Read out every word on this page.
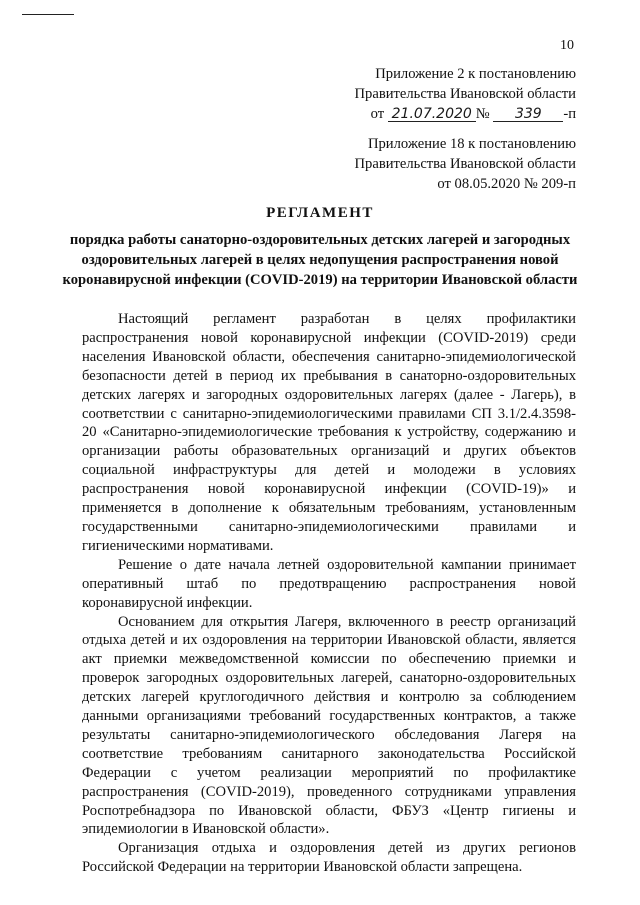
10
Приложение 2 к постановлению
Правительства Ивановской области
от 21.07.2020 № 339 -п
Приложение 18 к постановлению
Правительства Ивановской области
от 08.05.2020 № 209-п
РЕГЛАМЕНТ
порядка работы санаторно-оздоровительных детских лагерей и загородных оздоровительных лагерей в целях недопущения распространения новой коронавирусной инфекции (COVID-2019) на территории Ивановской области

Настоящий регламент разработан в целях профилактики распространения новой коронавирусной инфекции (COVID-2019) среди населения Ивановской области, обеспечения санитарно-эпидемиологической безопасности детей в период их пребывания в санаторно-оздоровительных детских лагерях и загородных оздоровительных лагерях (далее - Лагерь), в соответствии с санитарно-эпидемиологическими правилами СП 3.1/2.4.3598-20 «Санитарно-эпидемиологические требования к устройству, содержанию и организации работы образовательных организаций и других объектов социальной инфраструктуры для детей и молодежи в условиях распространения новой коронавирусной инфекции (COVID-19)» и применяется в дополнение к обязательным требованиям, установленным государственными санитарно-эпидемиологическими правилами и гигиеническими нормативами.

Решение о дате начала летней оздоровительной кампании принимает оперативный штаб по предотвращению распространения новой коронавирусной инфекции.

Основанием для открытия Лагеря, включенного в реестр организаций отдыха детей и их оздоровления на территории Ивановской области, является акт приемки межведомственной комиссии по обеспечению приемки и проверок загородных оздоровительных лагерей, санаторно-оздоровительных детских лагерей круглогодичного действия и контролю за соблюдением данными организациями требований государственных контрактов, а также результаты санитарно-эпидемиологического обследования Лагеря на соответствие требованиям санитарного законодательства Российской Федерации с учетом реализации мероприятий по профилактике распространения (COVID-2019), проведенного сотрудниками управления Роспотребнадзора по Ивановской области, ФБУЗ «Центр гигиены и эпидемиологии в Ивановской области».

Организация отдыха и оздоровления детей из других регионов Российской Федерации на территории Ивановской области запрещена.
